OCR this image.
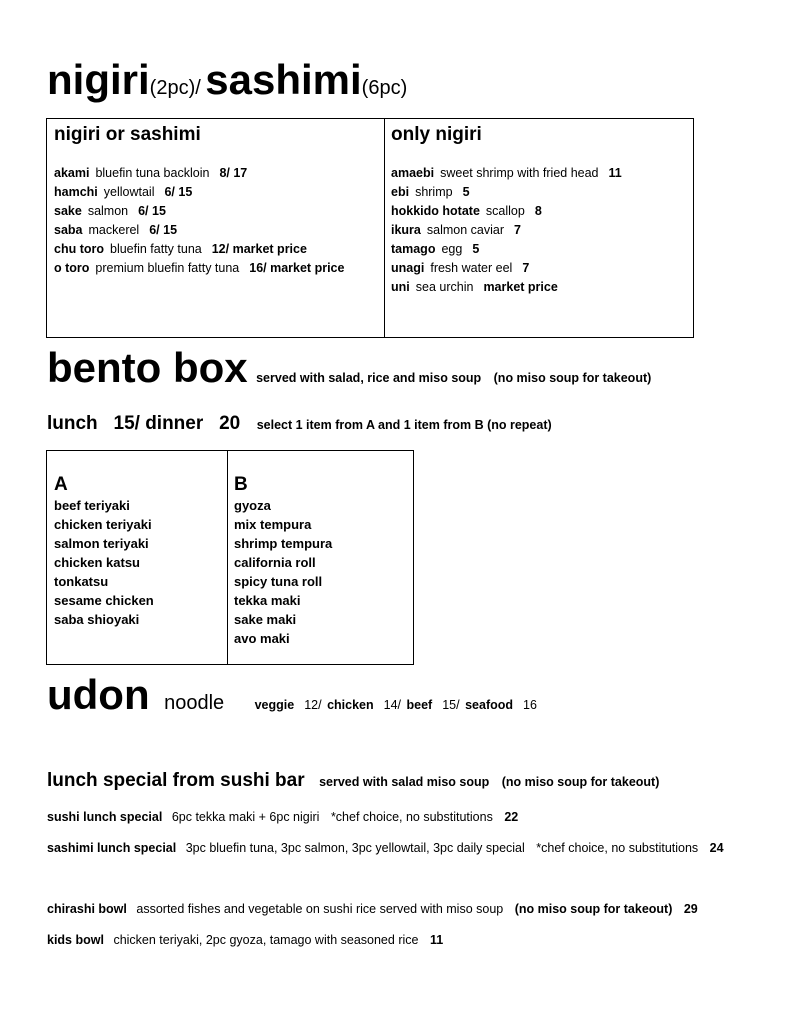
nigiri(2pc)/ sashimi(6pc)
nigiri or sashimi
akami bluefin tuna backloin 8/ 17
hamchi yellowtail 6/ 15
sake salmon 6/ 15
saba mackerel 6/ 15
chu toro bluefin fatty tuna 12/ market price
o toro premium bluefin fatty tuna 16/ market price
only nigiri
amaebi sweet shrimp with fried head 11
ebi shrimp 5
hokkido hotate scallop 8
ikura salmon caviar 7
tamago egg 5
unagi fresh water eel 7
uni sea urchin market price
bento box served with salad, rice and miso soup (no miso soup for takeout)
lunch   15/ dinner   20 select 1 item from A and 1 item from B (no repeat)
A
beef teriyaki
chicken teriyaki
salmon teriyaki
chicken katsu
tonkatsu
sesame chicken
saba shioyaki
B
gyoza
mix tempura
shrimp tempura
california roll
spicy tuna roll
tekka maki
sake maki
avo maki
udon noodle veggie 12/ chicken 14/ beef 15/ seafood 16
lunch special from sushi bar served with salad miso soup (no miso soup for takeout)
sushi lunch special 6pc tekka maki + 6pc nigiri *chef choice, no substitutions 22
sashimi lunch special 3pc bluefin tuna, 3pc salmon, 3pc yellowtail, 3pc daily special *chef choice, no substitutions 24
chirashi bowl assorted fishes and vegetable on sushi rice served with miso soup (no miso soup for takeout) 29
kids bowl chicken teriyaki, 2pc gyoza, tamago with seasoned rice 11
